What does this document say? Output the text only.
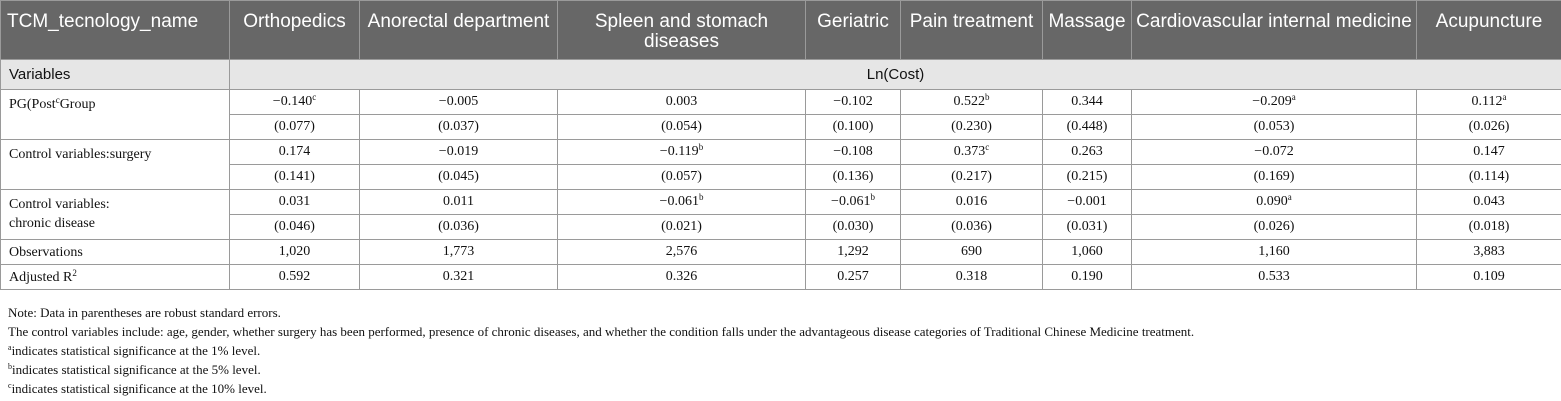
TCM_tecnology_name	Orthopedics	Anorectal department	Spleen and stomach diseases	Geriatric	Pain treatment	Massage	Cardiovascular internal medicine	Acupuncture
Variables	Ln(Cost)							
PG(Post$^c$Group	−0.140$^c$	−0.005	0.003	−0.102	0.522$^b$	0.344	−0.209$^a$	0.112$^a$
	(0.077)	(0.037)	(0.054)	(0.100)	(0.230)	(0.448)	(0.053)	(0.026)
Control variables:surgery	0.174	−0.019	−0.119$^b$	−0.108	0.373$^c$	0.263	−0.072	0.147
	(0.141)	(0.045)	(0.057)	(0.136)	(0.217)	(0.215)	(0.169)	(0.114)
Control variables:
chronic disease	0.031	0.011	−0.061$^b$	−0.061$^b$	0.016	−0.001	0.090$^a$	0.043
	(0.046)	(0.036)	(0.021)	(0.030)	(0.036)	(0.031)	(0.026)	(0.018)
Observations	1,020	1,773	2,576	1,292	690	1,060	1,160	3,883
Adjusted $R^2$	0.592	0.321	0.326	0.257	0.318	0.190	0.533	0.109
Note: Data in parentheses are robust standard errors.
The control variables include: age, gender, whether surgery has been performed, presence of chronic diseases, and whether the condition falls under the advantageous disease categories of Traditional Chinese Medicine treatment.
$^a$indicates statistical significance at the 1% level.
$^b$indicates statistical significance at the 5% level.
$^c$indicates statistical significance at the 10% level.
